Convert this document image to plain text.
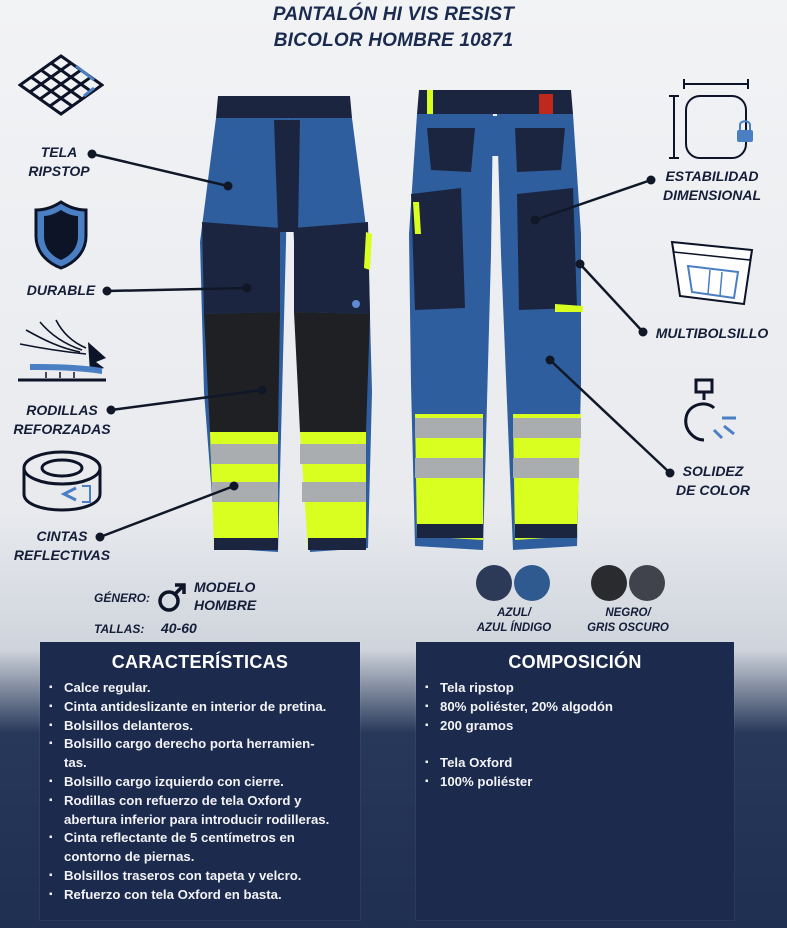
PANTALÓN HI VIS RESIST
BICOLOR HOMBRE 10871
TELA
RIPSTOP
DURABLE
RODILLAS
REFORZADAS
CINTAS
REFLECTIVAS
ESTABILIDAD
DIMENSIONAL
MULTIBOLSILLO
SOLIDEZ
DE COLOR
GÉNERO:
MODELO
HOMBRE
TALLAS: 40-60
AZUL/
AZUL ÍNDIGO
NEGRO/
GRIS OSCURO
CARACTERÍSTICAS
▪ Calce regular.
▪ Cinta antideslizante en interior de pretina.
▪ Bolsillos delanteros.
▪ Bolsillo cargo derecho porta herramien-
tas.
▪ Bolsillo cargo izquierdo con cierre.
▪ Rodillas con refuerzo de tela Oxford y
abertura inferior para introducir rodilleras.
▪ Cinta reflectante de 5 centímetros en
contorno de piernas.
▪ Bolsillos traseros con tapeta y velcro.
▪ Refuerzo con tela Oxford en basta.
COMPOSICIÓN
▪ Tela ripstop
▪ 80% poliéster, 20% algodón
▪ 200 gramos
▪ Tela Oxford
▪ 100% poliéster
